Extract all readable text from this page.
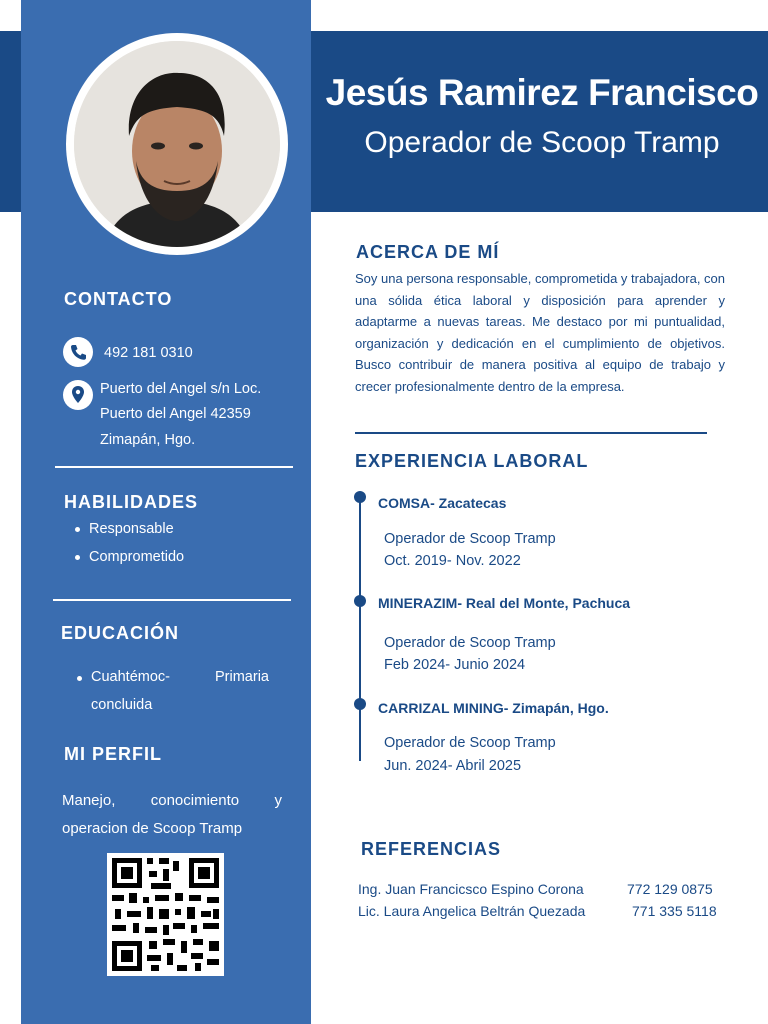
Jesús Ramirez Francisco
Operador de Scoop Tramp
CONTACTO
492 181 0310
Puerto del Angel s/n Loc.
Puerto del Angel 42359
Zimapán, Hgo.
HABILIDADES
Responsable
Comprometido
EDUCACIÓN
Cuahtémoc-	Primaria
concluida
MI PERFIL
Manejo, conocimiento y operacion de Scoop Tramp
ACERCA DE MÍ
Soy una persona responsable, comprometida y trabajadora, con una sólida ética laboral y disposición para aprender y adaptarme a nuevas tareas. Me destaco por mi puntualidad, organización y dedicación en el cumplimiento de objetivos. Busco contribuir de manera positiva al equipo de trabajo y crecer profesionalmente dentro de la empresa.
EXPERIENCIA LABORAL
COMSA- Zacatecas
Operador de Scoop Tramp
Oct. 2019- Nov. 2022
MINERAZIM- Real del Monte, Pachuca
Operador de Scoop Tramp
Feb 2024- Junio 2024
CARRIZAL MINING- Zimapán, Hgo.
Operador de Scoop Tramp
Jun. 2024- Abril 2025
REFERENCIAS
Ing. Juan Francicsco Espino Corona	772 129 0875
Lic. Laura Angelica Beltrán Quezada	771 335 5118
